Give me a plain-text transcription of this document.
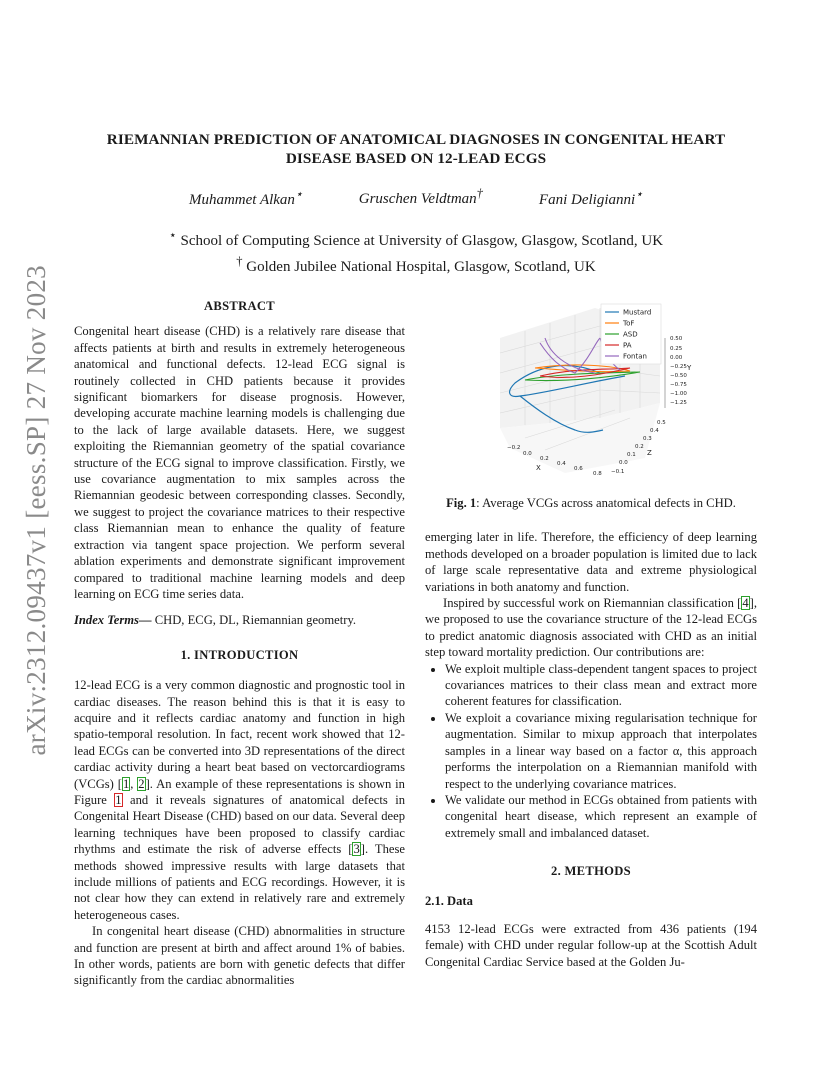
arXiv:2312.09437v1 [eess.SP] 27 Nov 2023
RIEMANNIAN PREDICTION OF ANATOMICAL DIAGNOSES IN CONGENITAL HEART
DISEASE BASED ON 12-LEAD ECGS
Muhammet Alkan⋆	Gruschen Veldtman†	Fani Deligianni⋆
⋆ School of Computing Science at University of Glasgow, Glasgow, Scotland, UK
† Golden Jubilee National Hospital, Glasgow, Scotland, UK
ABSTRACT

Congenital heart disease (CHD) is a relatively rare disease that affects patients at birth and results in extremely heterogeneous anatomical and functional defects. 12-lead ECG signal is routinely collected in CHD patients because it provides significant biomarkers for disease prognosis. However, developing accurate machine learning models is challenging due to the lack of large available datasets. Here, we suggest exploiting the Riemannian geometry of the spatial covariance structure of the ECG signal to improve classification. Firstly, we use covariance augmentation to mix samples across the Riemannian geodesic between corresponding classes. Secondly, we suggest to project the covariance matrices to their respective class Riemannian mean to enhance the quality of feature extraction via tangent space projection. We perform several ablation experiments and demonstrate significant improvement compared to traditional machine learning models and deep learning on ECG time series data.

Index Terms— CHD, ECG, DL, Riemannian geometry.

1. INTRODUCTION

12-lead ECG is a very common diagnostic and prognostic tool in cardiac diseases. The reason behind this is that it is easy to acquire and it reflects cardiac anatomy and function in high spatio-temporal resolution. In fact, recent work showed that 12-lead ECGs can be converted into 3D representations of the direct cardiac activity during a heart beat based on vectorcardiograms (VCGs) [1, 2]. An example of these representations is shown in Figure 1 and it reveals signatures of anatomical defects in Congenital Heart Disease (CHD) based on our data. Several deep learning techniques have been proposed to classify cardiac rhythms and estimate the risk of adverse effects [3]. These methods showed impressive results with large datasets that include millions of patients and ECG recordings. However, it is not clear how they can extend in relatively rare and extremely heterogeneous cases.

In congenital heart disease (CHD) abnormalities in structure and function are present at birth and affect around 1% of babies. In other words, patients are born with genetic defects that differ significantly from the cardiac abnormalities

Mustard
ToF
ASD
PA
Fontan
0.50
0.25
0.00
−0.25
−0.50
−0.75
−1.00
−1.25
Y
0.5
0.4
0.3
0.2
0.1
0.0
−0.1
Z
−0.2
0.0
0.2
0.4
0.6
0.8
X

Fig. 1: Average VCGs across anatomical defects in CHD.

emerging later in life. Therefore, the efficiency of deep learning methods developed on a broader population is limited due to lack of large scale representative data and extreme physiological variations in both anatomy and function.

Inspired by successful work on Riemannian classification [4], we proposed to use the covariance structure of the 12-lead ECGs to predict anatomic diagnosis associated with CHD as an initial step toward mortality prediction. Our contributions are:

• We exploit multiple class-dependent tangent spaces to project covariances matrices to their class mean and extract more coherent features for classification.
• We exploit a covariance mixing regularisation technique for augmentation. Similar to mixup approach that interpolates samples in a linear way based on a factor α, this approach performs the interpolation on a Riemannian manifold with respect to the underlying covariance matrices.
• We validate our method in ECGs obtained from patients with congenital heart disease, which represent an example of extremely small and imbalanced dataset.
2. METHODS
2.1. Data

4153 12-lead ECGs were extracted from 436 patients (194 female) with CHD under regular follow-up at the Scottish Adult Congenital Cardiac Service based at the Golden Ju-
